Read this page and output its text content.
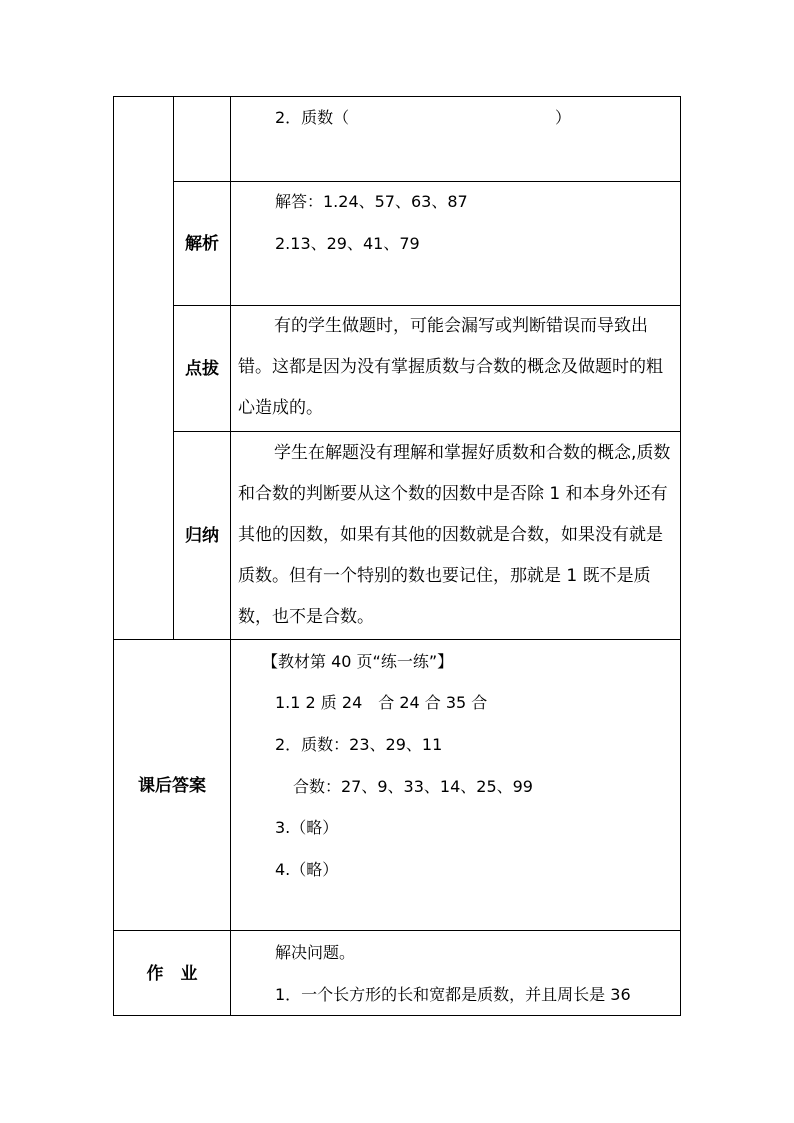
2．质数（	）
解析
解答：1.24、57、63、87
2.13、29、41、79
点拔
有的学生做题时，可能会漏写或判断错误而导致出错。这都是因为没有掌握质数与合数的概念及做题时的粗心造成的。
归纳
学生在解题没有理解和掌握好质数和合数的概念,质数和合数的判断要从这个数的因数中是否除 1 和本身外还有其他的因数，如果有其他的因数就是合数，如果没有就是质数。但有一个特别的数也要记住，那就是 1 既不是质数，也不是合数。
课后答案
【教材第 40 页“练一练”】
1.1 2 质 24　合 24 合 35 合
2．质数：23、29、11
合数：27、9、33、14、25、99
3.（略）
4.（略）
作　业
解决问题。
1．一个长方形的长和宽都是质数，并且周长是 36
